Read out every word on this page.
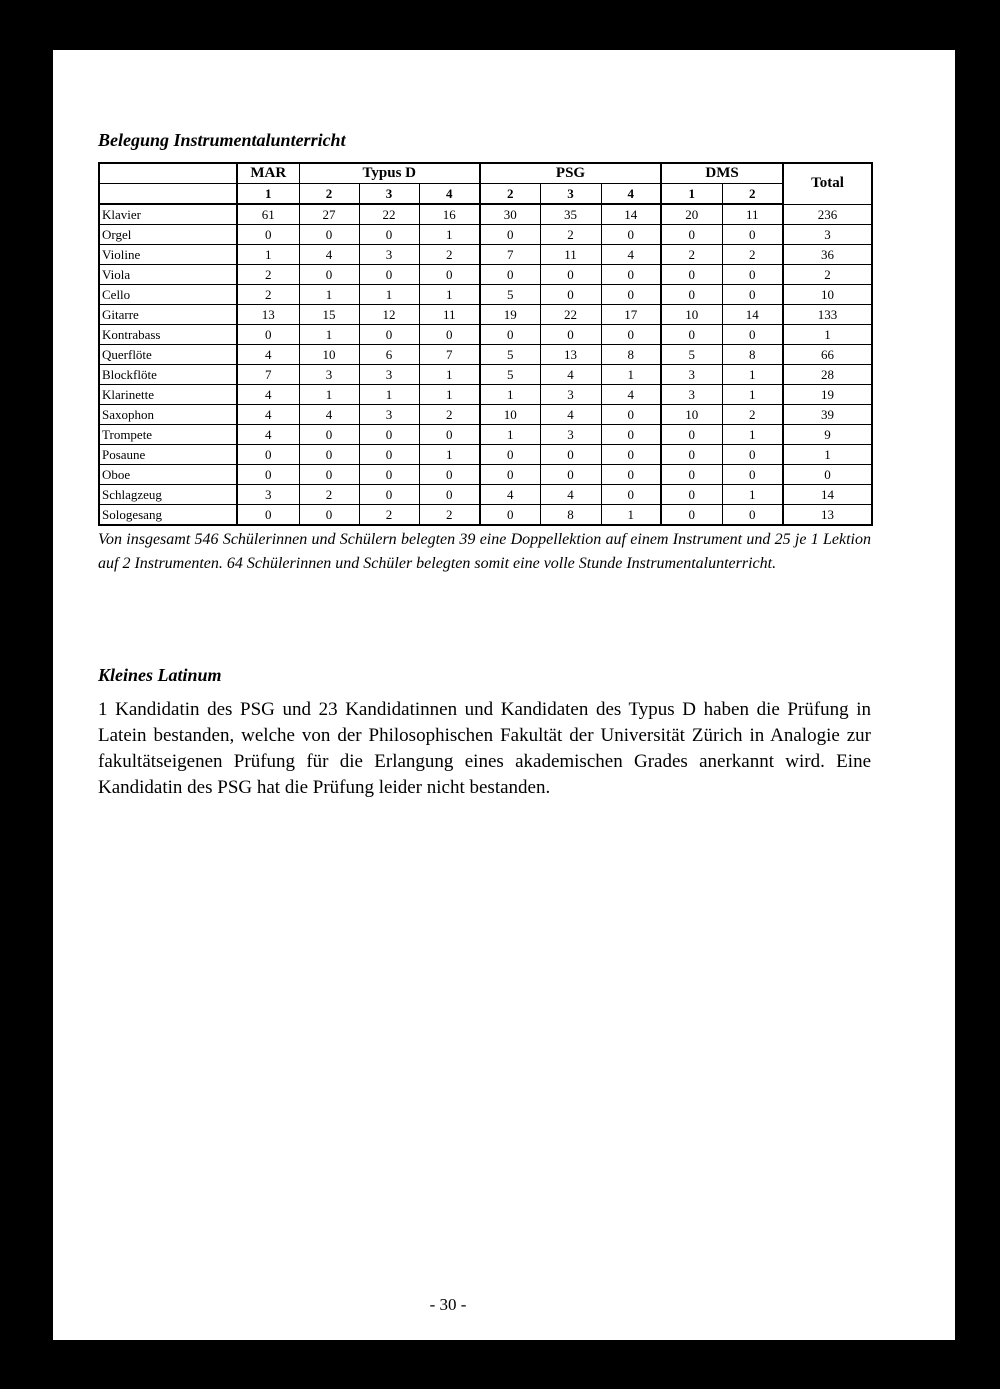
Belegung Instrumentalunterricht
	MAR	Typus D			PSG			DMS		Total
	1	2	3	4	2	3	4	1	2	
Klavier	61	27	22	16	30	35	14	20	11	236
Orgel	0	0	0	1	0	2	0	0	0	3
Violine	1	4	3	2	7	11	4	2	2	36
Viola	2	0	0	0	0	0	0	0	0	2
Cello	2	1	1	1	5	0	0	0	0	10
Gitarre	13	15	12	11	19	22	17	10	14	133
Kontrabass	0	1	0	0	0	0	0	0	0	1
Querflöte	4	10	6	7	5	13	8	5	8	66
Blockflöte	7	3	3	1	5	4	1	3	1	28
Klarinette	4	1	1	1	1	3	4	3	1	19
Saxophon	4	4	3	2	10	4	0	10	2	39
Trompete	4	0	0	0	1	3	0	0	1	9
Posaune	0	0	0	1	0	0	0	0	0	1
Oboe	0	0	0	0	0	0	0	0	0	0
Schlagzeug	3	2	0	0	4	4	0	0	1	14
Sologesang	0	0	2	2	0	8	1	0	0	13

Von insgesamt 546 Schülerinnen und Schülern belegten 39 eine Doppellektion auf einem Instrument und 25 je 1 Lektion auf 2 Instrumenten. 64 Schülerinnen und Schüler belegten somit eine volle Stunde Instrumentalunterricht.

Kleines Latinum

1 Kandidatin des PSG und 23 Kandidatinnen und Kandidaten des Typus D haben die Prüfung in Latein bestanden, welche von der Philosophischen Fakultät der Universität Zürich in Analogie zur fakultätseigenen Prüfung für die Erlangung eines akademischen Grades anerkannt wird. Eine Kandidatin des PSG hat die Prüfung leider nicht bestanden.

- 30 -
